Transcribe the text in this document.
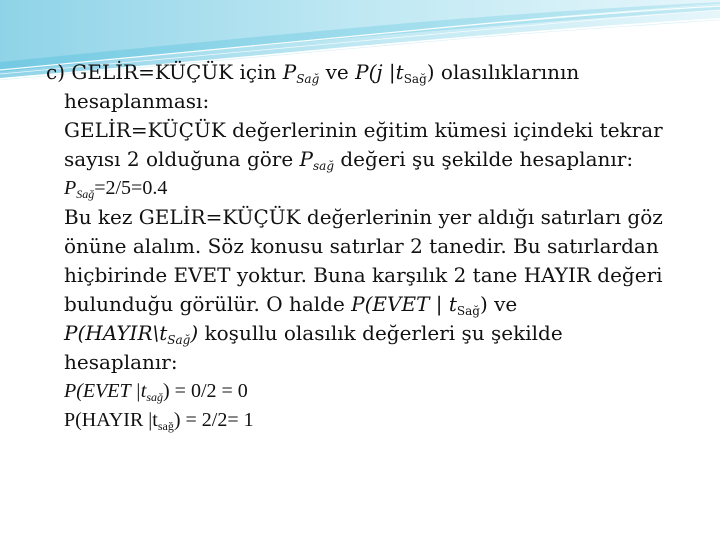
c) GELİR=KÜÇÜK için $P_{Sağ}$ ve P(j $|t_{Sağ}$) olasılıklarının
hesaplanması:
GELİR=KÜÇÜK değerlerinin eğitim kümesi içindeki tekrar
sayısı 2 olduğuna göre $P_{sağ}$ değeri şu şekilde hesaplanır:
$P_{Sağ}=2/5=0.4$
Bu kez GELİR=KÜÇÜK değerlerinin yer aldığı satırları göz
önüne alalım. Söz konusu satırlar 2 tanedir. Bu satırlardan
hiçbirinde EVET yoktur. Buna karşılık 2 tane HAYIR değeri
bulunduğu görülür. O halde P(EVET | $t_{Sağ}$) ve
$P(HAYIR\backslash t_{Sağ})$ koşullu olasılık değerleri şu şekilde
hesaplanır:
P(EVET $|t_{sağ}) = 0/2 = 0$
P(HAYIR $|t_{sağ}) = 2/2= 1$
